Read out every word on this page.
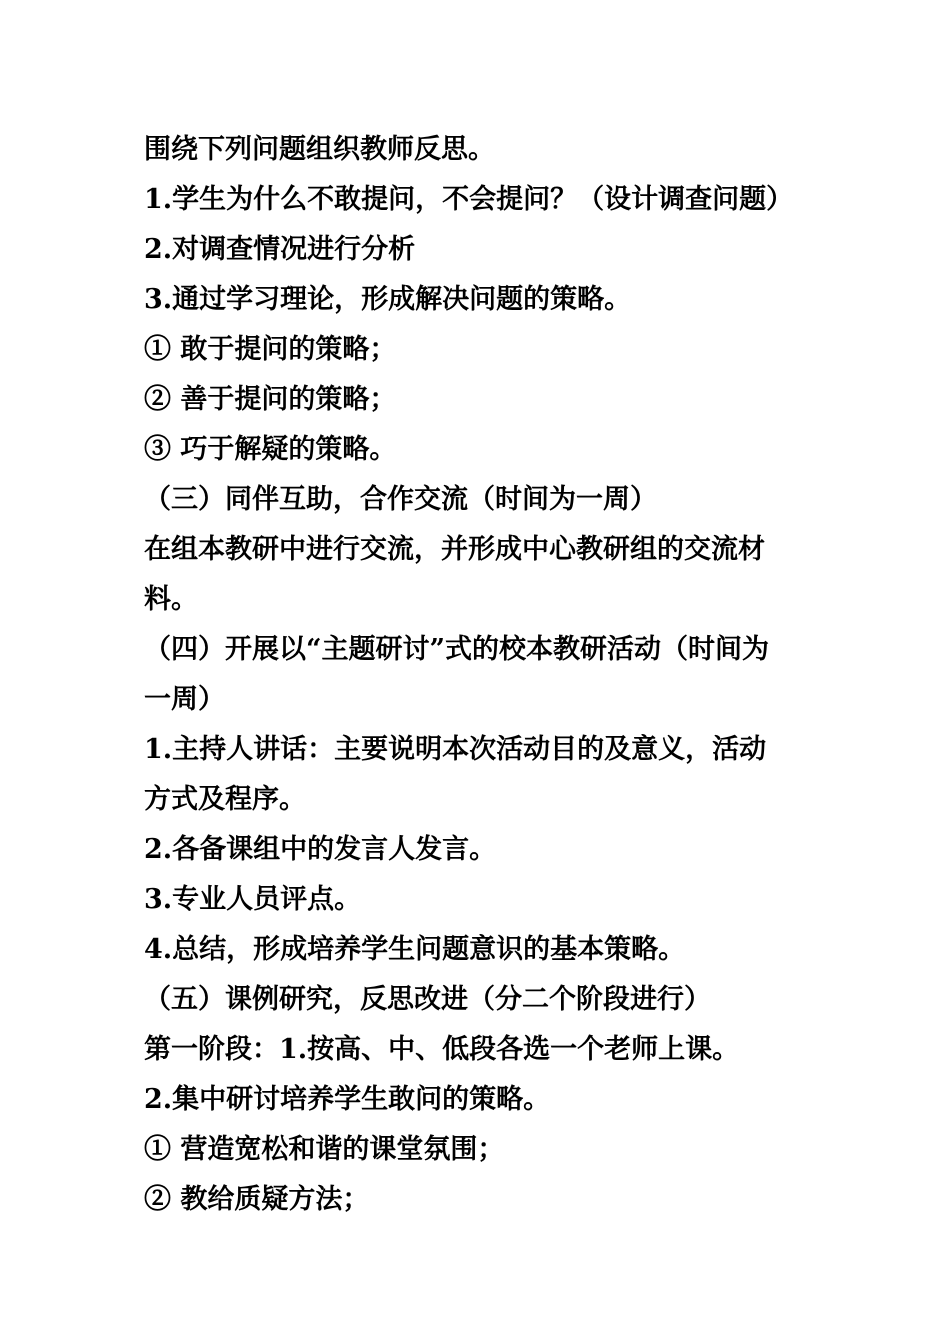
围绕下列问题组织教师反思。
1.学生为什么不敢提问，不会提问？（设计调查问题）
2.对调查情况进行分析
3.通过学习理论，形成解决问题的策略。
① 敢于提问的策略；
② 善于提问的策略；
③ 巧于解疑的策略。
（三）同伴互助，合作交流（时间为一周）
在组本教研中进行交流，并形成中心教研组的交流材
料。
（四）开展以“主题研讨”式的校本教研活动（时间为
一周）
1.主持人讲话：主要说明本次活动目的及意义，活动
方式及程序。
2.各备课组中的发言人发言。
3.专业人员评点。
4.总结，形成培养学生问题意识的基本策略。
（五）课例研究，反思改进（分二个阶段进行）
第一阶段：1.按高、中、低段各选一个老师上课。
2.集中研讨培养学生敢问的策略。
① 营造宽松和谐的课堂氛围；
② 教给质疑方法；
